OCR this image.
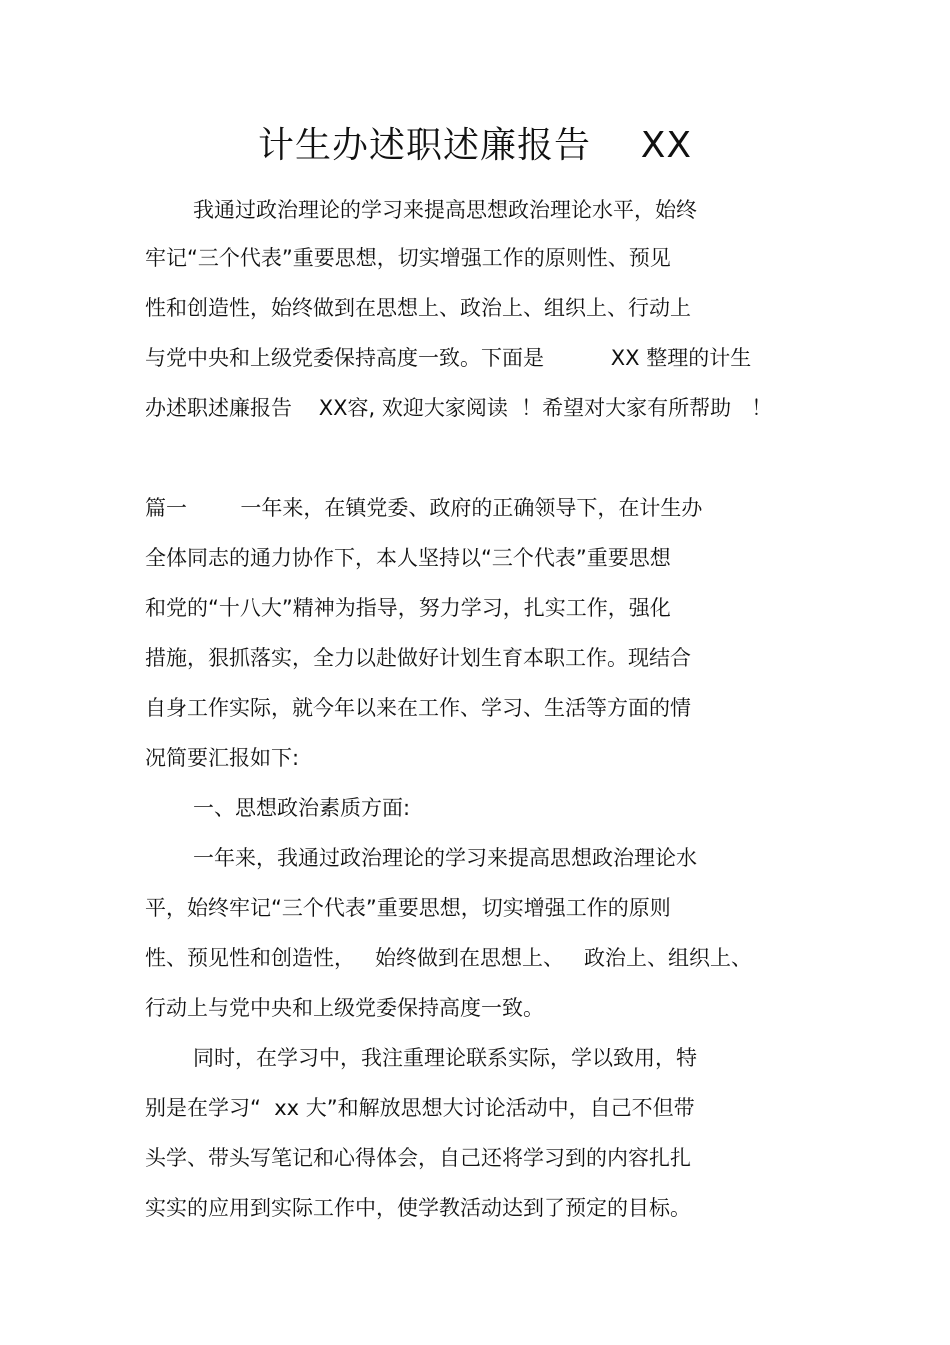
计生办述职述廉报告    XX
我通过政治理论的学习来提高思想政治理论水平，始终
牢记“三个代表”重要思想，切实增强工作的原则性、预见
性和创造性，始终做到在思想上、政治上、组织上、行动上
与党中央和上级党委保持高度一致。下面是          XX 整理的计生
办述职述廉报告    XX容, 欢迎大家阅读  ！希望对大家有所帮助   ！
篇一        一年来，在镇党委、政府的正确领导下，在计生办
全体同志的通力协作下，本人坚持以“三个代表”重要思想
和党的“十八大”精神为指导，努力学习，扎实工作，强化
措施，狠抓落实，全力以赴做好计划生育本职工作。现结合
自身工作实际，就今年以来在工作、学习、生活等方面的情
况简要汇报如下:
一、思想政治素质方面:
一年来，我通过政治理论的学习来提高思想政治理论水
平，始终牢记“三个代表”重要思想，切实增强工作的原则
性、预见性和创造性，   始终做到在思想上、   政治上、组织上、
行动上与党中央和上级党委保持高度一致。
同时，在学习中，我注重理论联系实际，学以致用，特
别是在学习“  xx 大”和解放思想大讨论活动中，自己不但带
头学、带头写笔记和心得体会，自己还将学习到的内容扎扎
实实的应用到实际工作中，使学教活动达到了预定的目标。
